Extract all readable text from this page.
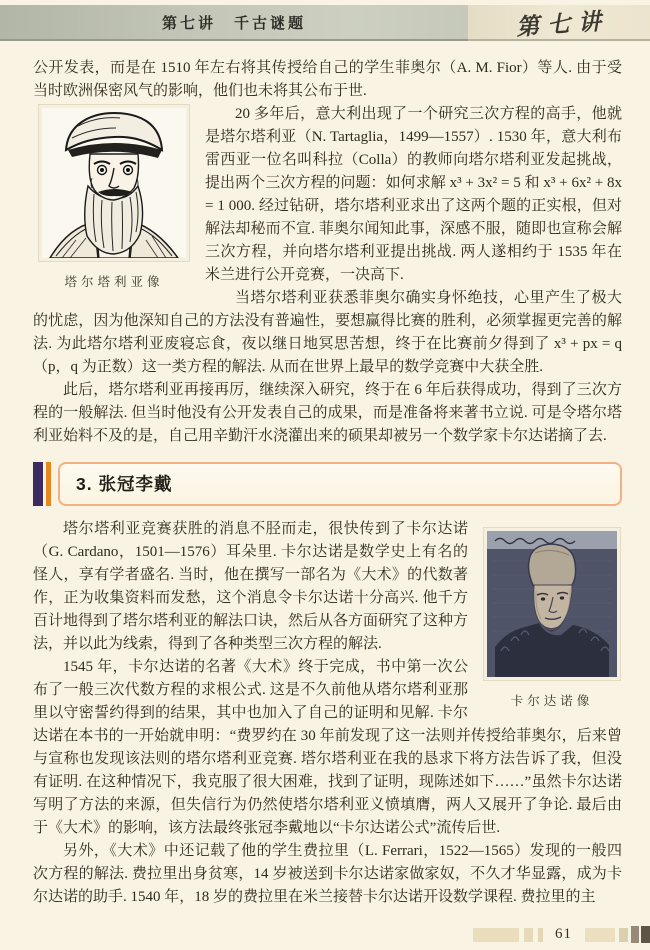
第七讲　千古谜题	第七讲

公开发表，而是在 1510 年左右将其传授给自己的学生菲奥尔（A. M. Fior）等人. 由于受当时欧洲保密风气的影响，他们也未将其公布于世.

塔尔塔利亚像

20 多年后，意大利出现了一个研究三次方程的高手，他就是塔尔塔利亚（N. Tartaglia，1499—1557）. 1530 年，意大利布雷西亚一位名叫科拉（Colla）的教师向塔尔塔利亚发起挑战，提出两个三次方程的问题：如何求解 x³ + 3x² = 5 和 x³ + 6x² + 8x = 1 000. 经过钻研，塔尔塔利亚求出了这两个题的正实根，但对解法却秘而不宣. 菲奥尔闻知此事，深感不服，随即也宣称会解三次方程，并向塔尔塔利亚提出挑战. 两人遂相约于 1535 年在米兰进行公开竞赛，一决高下.

当塔尔塔利亚获悉菲奥尔确实身怀绝技，心里产生了极大的忧虑，因为他深知自己的方法没有普遍性，要想赢得比赛的胜利，必须掌握更完善的解法. 为此塔尔塔利亚废寝忘食，夜以继日地冥思苦想，终于在比赛前夕得到了 x³ + px = q（p，q 为正数）这一类方程的解法. 从而在世界上最早的数学竞赛中大获全胜.

此后，塔尔塔利亚再接再厉，继续深入研究，终于在 6 年后获得成功，得到了三次方程的一般解法. 但当时他没有公开发表自己的成果，而是准备将来著书立说. 可是令塔尔塔利亚始料不及的是，自己用辛勤汗水浇灌出来的硕果却被另一个数学家卡尔达诺摘了去.

3. 张冠李戴
卡尔达诺像

塔尔塔利亚竞赛获胜的消息不胫而走，很快传到了卡尔达诺（G. Cardano，1501—1576）耳朵里. 卡尔达诺是数学史上有名的怪人，享有学者盛名. 当时，他在撰写一部名为《大术》的代数著作，正为收集资料而发愁，这个消息令卡尔达诺十分高兴. 他千方百计地得到了塔尔塔利亚的解法口诀，然后从各方面研究了这种方法，并以此为线索，得到了各种类型三次方程的解法.

1545 年，卡尔达诺的名著《大术》终于完成，书中第一次公布了一般三次代数方程的求根公式. 这是不久前他从塔尔塔利亚那里以守密誓约得到的结果，其中也加入了自己的证明和见解. 卡尔达诺在本书的一开始就申明：“费罗约在 30 年前发现了这一法则并传授给菲奥尔，后来曾与宣称也发现该法则的塔尔塔利亚竞赛. 塔尔塔利亚在我的恳求下将方法告诉了我，但没有证明. 在这种情况下，我克服了很大困难，找到了证明，现陈述如下……”虽然卡尔达诺写明了方法的来源，但失信行为仍然使塔尔塔利亚义愤填膺，两人又展开了争论. 最后由于《大术》的影响，该方法最终张冠李戴地以“卡尔达诺公式”流传后世.

另外，《大术》中还记载了他的学生费拉里（L. Ferrari，1522—1565）发现的一般四次方程的解法. 费拉里出身贫寒，14 岁被送到卡尔达诺家做家奴，不久才华显露，成为卡尔达诺的助手. 1540 年，18 岁的费拉里在米兰接替卡尔达诺开设数学课程. 费拉里的主

61
